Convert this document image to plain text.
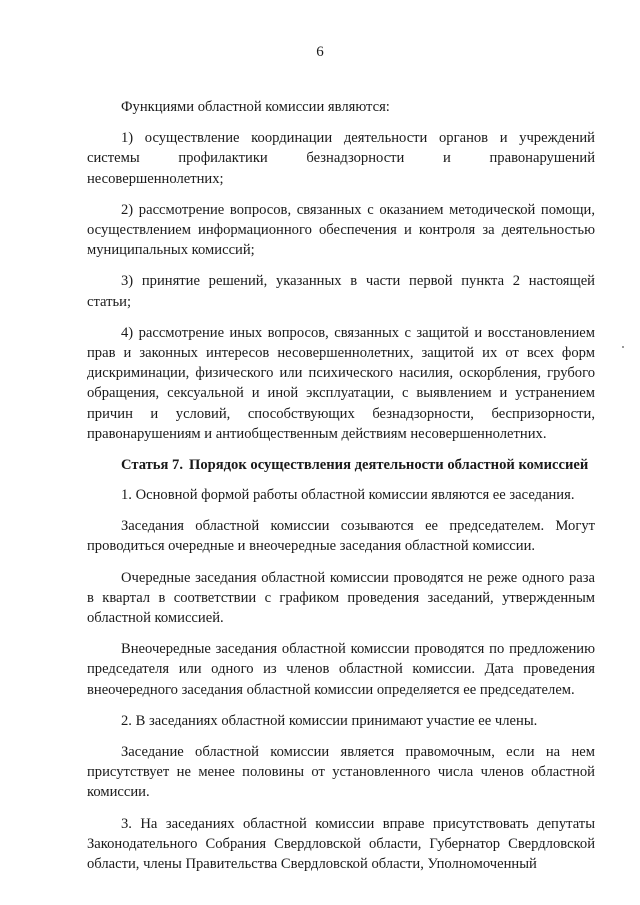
6

Функциями областной комиссии являются:

1) осуществление координации деятельности органов и учреждений системы профилактики безнадзорности и правонарушений несовершеннолетних;

2) рассмотрение вопросов, связанных с оказанием методической помощи, осуществлением информационного обеспечения и контроля за деятельностью муниципальных комиссий;

3) принятие решений, указанных в части первой пункта 2 настоящей статьи;

4) рассмотрение иных вопросов, связанных с защитой и восстановлением прав и законных интересов несовершеннолетних, защитой их от всех форм дискриминации, физического или психического насилия, оскорбления, грубого обращения, сексуальной и иной эксплуатации, с выявлением и устранением причин и условий, способствующих безнадзорности, беспризорности, правонарушениям и антиобщественным действиям несовершеннолетних.

Статья 7. Порядок осуществления деятельности областной комиссией

1. Основной формой работы областной комиссии являются ее заседания.

Заседания областной комиссии созываются ее председателем. Могут проводиться очередные и внеочередные заседания областной комиссии.

Очередные заседания областной комиссии проводятся не реже одного раза в квартал в соответствии с графиком проведения заседаний, утвержденным областной комиссией.

Внеочередные заседания областной комиссии проводятся по предложению председателя или одного из членов областной комиссии. Дата проведения внеочередного заседания областной комиссии определяется ее председателем.

2. В заседаниях областной комиссии принимают участие ее члены.

Заседание областной комиссии является правомочным, если на нем присутствует не менее половины от установленного числа членов областной комиссии.

3. На заседаниях областной комиссии вправе присутствовать депутаты Законодательного Собрания Свердловской области, Губернатор Свердловской области, члены Правительства Свердловской области, Уполномоченный
